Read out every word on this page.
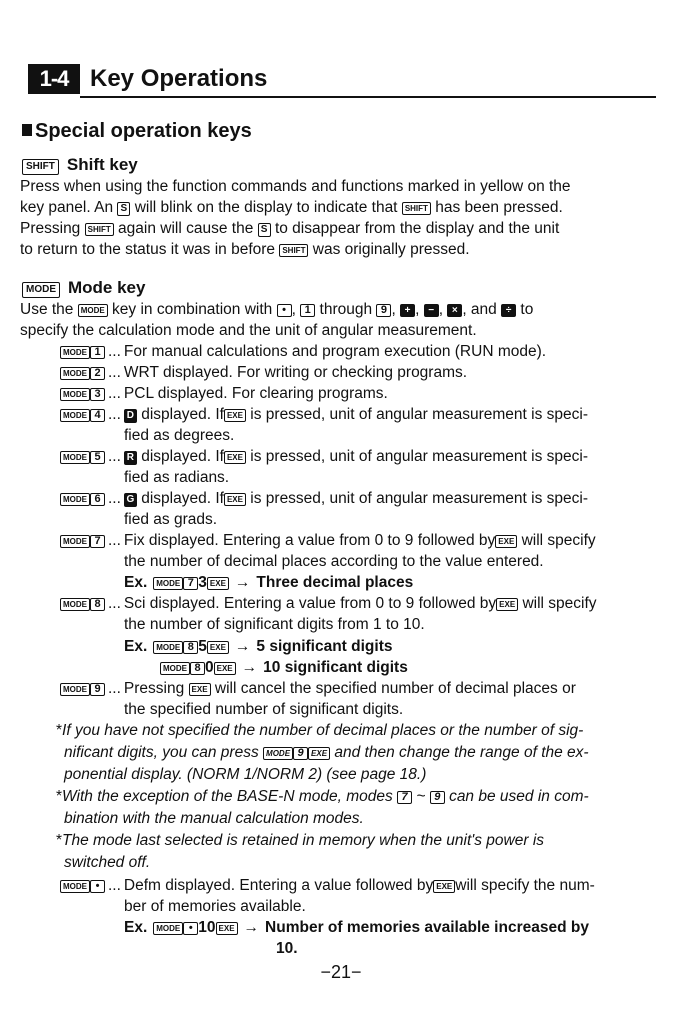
1-4 Key Operations
Special operation keys
SHIFT Shift key
Press when using the function commands and functions marked in yellow on the
key panel. An S will blink on the display to indicate that SHIFT has been pressed.
Pressing SHIFT again will cause the S to disappear from the display and the unit
to return to the status it was in before SHIFT was originally pressed.
MODE Mode key
Use the MODE key in combination with • , 1 through 9 , + , − , × , and ÷ to
specify the calculation mode and the unit of angular measurement.
MODE 1 ... For manual calculations and program execution (RUN mode).
MODE 2 ... WRT displayed. For writing or checking programs.
MODE 3 ... PCL displayed. For clearing programs.
MODE 4 ... D displayed. If EXE is pressed, unit of angular measurement is speci-
fied as degrees.
MODE 5 ... R displayed. If EXE is pressed, unit of angular measurement is speci-
fied as radians.
MODE 6 ... G displayed. If EXE is pressed, unit of angular measurement is speci-
fied as grads.
MODE 7 ... Fix displayed. Entering a value from 0 to 9 followed by EXE will specify
the number of decimal places according to the value entered.
Ex. MODE 7 3 EXE → Three decimal places
MODE 8 ... Sci displayed. Entering a value from 0 to 9 followed by EXE will specify
the number of significant digits from 1 to 10.
Ex. MODE 8 5 EXE → 5 significant digits
MODE 8 0 EXE → 10 significant digits
MODE 9 ... Pressing EXE will cancel the specified number of decimal places or
the specified number of significant digits.
*If you have not specified the number of decimal places or the number of sig-
nificant digits, you can press MODE 9 EXE and then change the range of the ex-
ponential display. (NORM 1/NORM 2) (see page 18.)
*With the exception of the BASE-N mode, modes 7 ~ 9 can be used in com-
bination with the manual calculation modes.
*The mode last selected is retained in memory when the unit's power is
switched off.
MODE • ... Defm displayed. Entering a value followed by EXE will specify the num-
ber of memories available.
Ex. MODE • 10 EXE → Number of memories available increased by
10.
−21−
